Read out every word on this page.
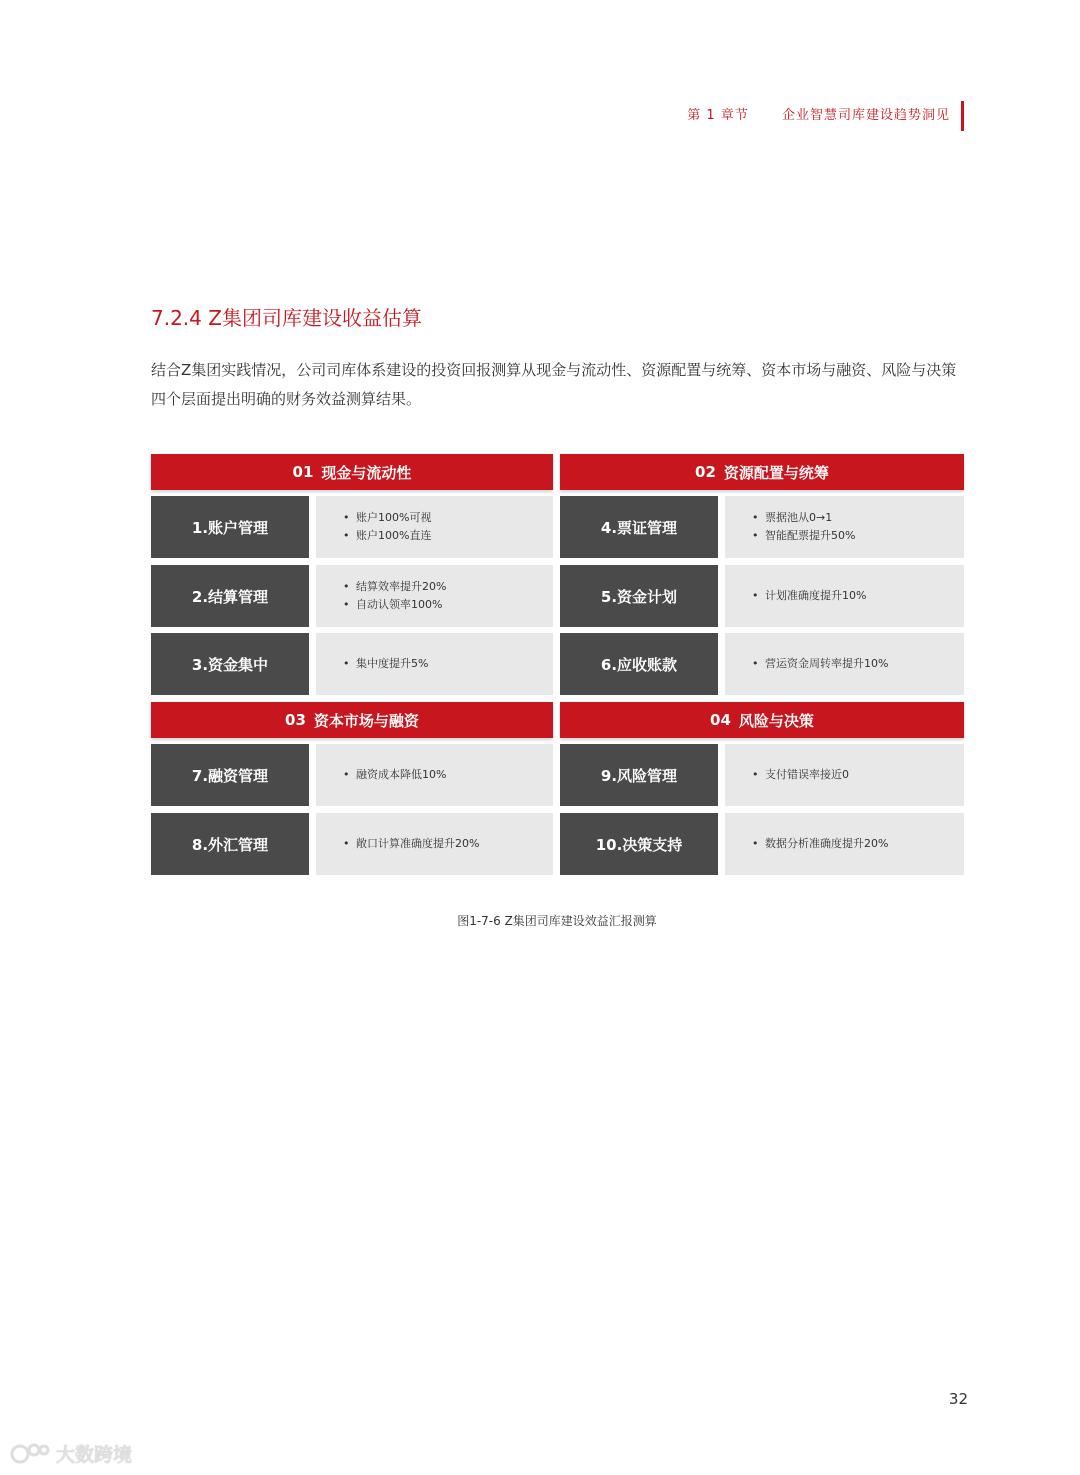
第 1 章节	企业智慧司库建设趋势洞见
7.2.4 Z集团司库建设收益估算
结合Z集团实践情况，公司司库体系建设的投资回报测算从现金与流动性、资源配置与统筹、资本市场与融资、风险与决策四个层面提出明确的财务效益测算结果。
01 现金与流动性	02 资源配置与统筹
03 资本市场与融资	04 风险与决策
1.账户管理
• 账户100%可视
• 账户100%直连
2.结算管理
• 结算效率提升20%
• 自动认领率100%
3.资金集中	• 集中度提升5%
4.票证管理
• 票据池从0→1
• 智能配票提升50%
5.资金计划	• 计划准确度提升10%
6.应收账款	• 营运资金周转率提升10%
7.融资管理	• 融资成本降低10%
8.外汇管理	• 敞口计算准确度提升20%
9.风险管理	• 支付错误率接近0
10.决策支持	• 数据分析准确度提升20%
图1-7-6 Z集团司库建设效益汇报测算
32
大数跨境
